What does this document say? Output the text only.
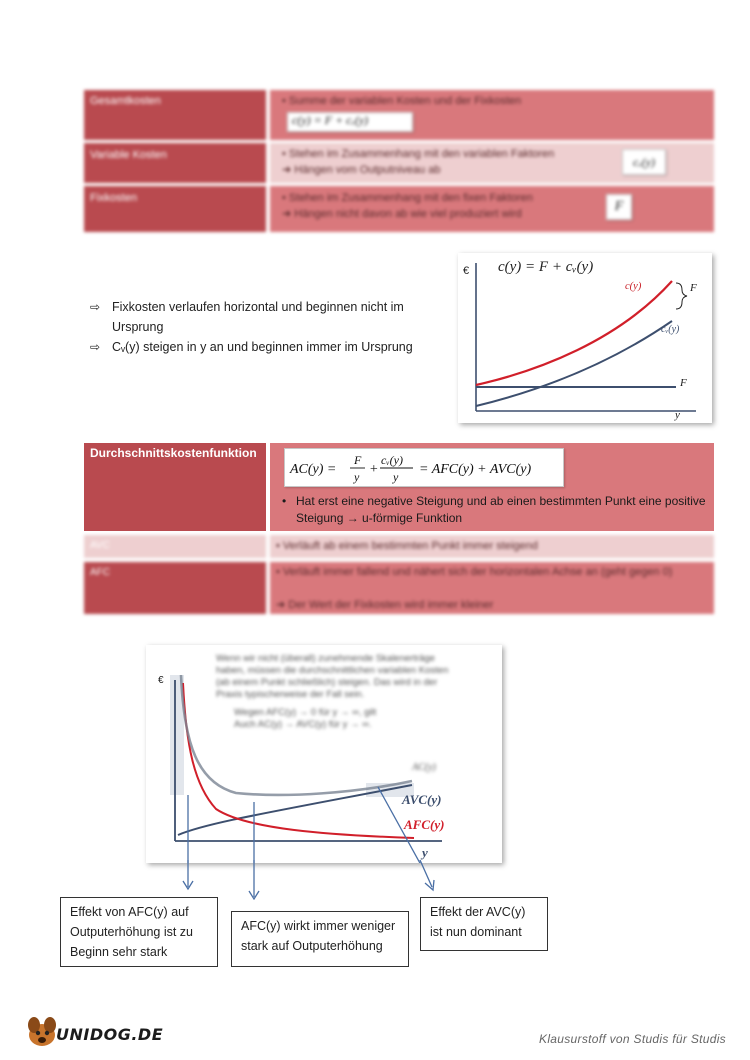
Gesamtkosten	• Summe der variablen Kosten und der Fixkosten
c(y) = F + cᵥ(y)
Variable Kosten	• Stehen im Zusammenhang mit den variablen Faktoren
➜ Hängen vom Outputniveau ab
cᵥ(y)
Fixkosten	• Stehen im Zusammenhang mit den fixen Faktoren
➜ Hängen nicht davon ab wie viel produziert wird	F
⇨ Fixkosten verlaufen horizontal und beginnen nicht im
Ursprung
⇨ Cᵥ(y) steigen in y an und beginnen immer im Ursprung
€ c(y) = F + cᵥ(y)
c(y)	F
cᵥ(y)
F
y
Durchschnittskostenfunktion
AC(y) =
F
y +
cᵥ(y)
y = AFC(y) + AVC(y)
• Hat erst eine negative Steigung und ab einen bestimmten Punkt eine positive Steigung → u-förmige Funktion
AVC	• Verläuft ab einem bestimmten Punkt immer steigend
AFC	• Verläuft immer fallend und nähert sich der horizontalen Achse an (geht gegen 0)
➜ Der Wert der Fixkosten wird immer kleiner
Wenn wir nicht (überall) zunehmende Skalenerträge
haben, müssen die durchschnittlichen variablen Kosten
(ab einem Punkt schließlich) steigen. Das wird in der
Praxis typischerweise der Fall sein.
Wegen AFC(y) → 0 für y → ∞, gilt
Auch AC(y) → AVC(y) für y → ∞.
€
AC(y)
AVC(y)
AFC(y)
y
Effekt von AFC(y) auf Outputerhöhung ist zu Beginn sehr stark
AFC(y) wirkt immer weniger stark auf Outputerhöhung
Effekt der AVC(y) ist nun dominant
UNIDOG.DE	Klausurstoff von Studis für Studis
